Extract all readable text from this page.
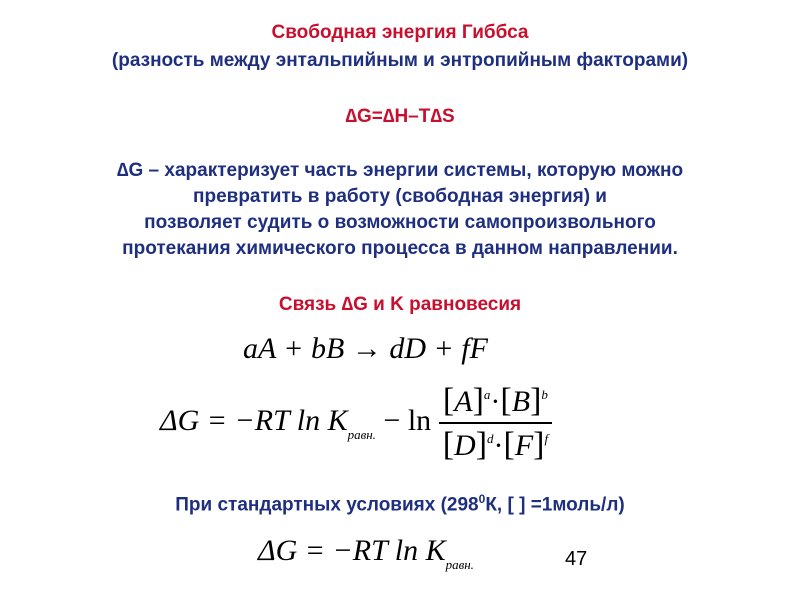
Свободная энергия Гиббса
(разность между энтальпийным и энтропийным факторами)
∆G=∆H–T∆S
∆G – характеризует часть энергии системы, которую можно
превратить в работу (свободная энергия) и
позволяет судить о возможности самопроизвольного
протекания химического процесса в данном направлении.
Связь ∆G и K равновесия
aA + bB → dD + fF
ΔG = −RT $\ln K_{равн.} - \ln \frac{[A]^a\cdot[B]^b}{[D]^d\cdot[F]^f}$
При стандартных условиях ($298^0К$, [ ] =1моль/л)
ΔG = −RT $\ln K_{равн.}$	47
